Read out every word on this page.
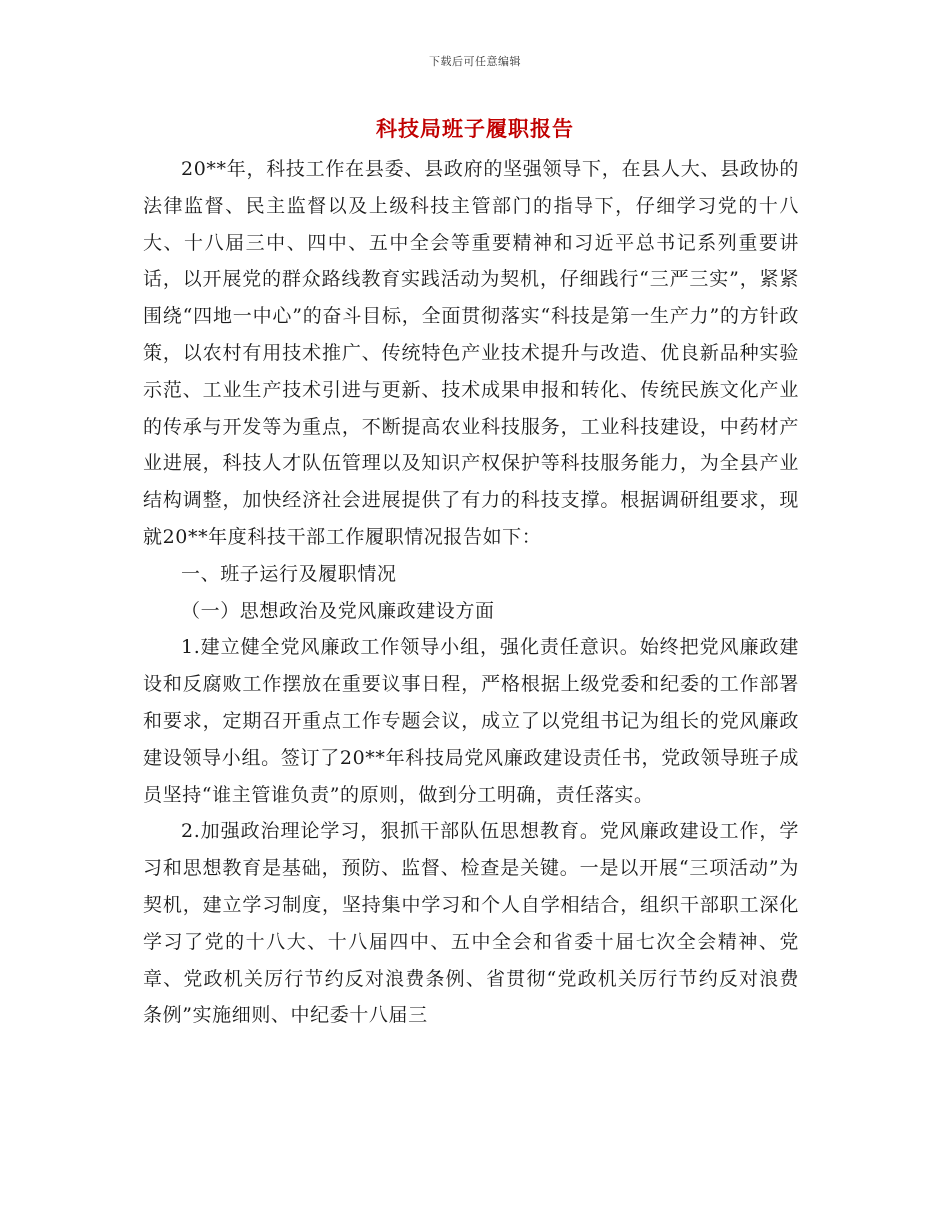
下载后可任意编辑
科技局班子履职报告

20**年，科技工作在县委、县政府的坚强领导下，在县人大、县政协的法律监督、民主监督以及上级科技主管部门的指导下，仔细学习党的十八大、十八届三中、四中、五中全会等重要精神和习近平总书记系列重要讲话，以开展党的群众路线教育实践活动为契机，仔细践行“三严三实”，紧紧围绕“四地一中心”的奋斗目标，全面贯彻落实“科技是第一生产力”的方针政策，以农村有用技术推广、传统特色产业技术提升与改造、优良新品种实验示范、工业生产技术引进与更新、技术成果申报和转化、传统民族文化产业的传承与开发等为重点，不断提高农业科技服务，工业科技建设，中药材产业进展，科技人才队伍管理以及知识产权保护等科技服务能力，为全县产业结构调整，加快经济社会进展提供了有力的科技支撑。根据调研组要求，现就20**年度科技干部工作履职情况报告如下：

一、班子运行及履职情况

（一）思想政治及党风廉政建设方面

1.建立健全党风廉政工作领导小组，强化责任意识。始终把党风廉政建设和反腐败工作摆放在重要议事日程，严格根据上级党委和纪委的工作部署和要求，定期召开重点工作专题会议，成立了以党组书记为组长的党风廉政建设领导小组。签订了20**年科技局党风廉政建设责任书，党政领导班子成员坚持“谁主管谁负责”的原则，做到分工明确，责任落实。

2.加强政治理论学习，狠抓干部队伍思想教育。党风廉政建设工作，学习和思想教育是基础，预防、监督、检查是关键。一是以开展“三项活动”为契机，建立学习制度，坚持集中学习和个人自学相结合，组织干部职工深化学习了党的十八大、十八届四中、五中全会和省委十届七次全会精神、党章、党政机关厉行节约反对浪费条例、省贯彻“党政机关厉行节约反对浪费条例”实施细则、中纪委十八届三
